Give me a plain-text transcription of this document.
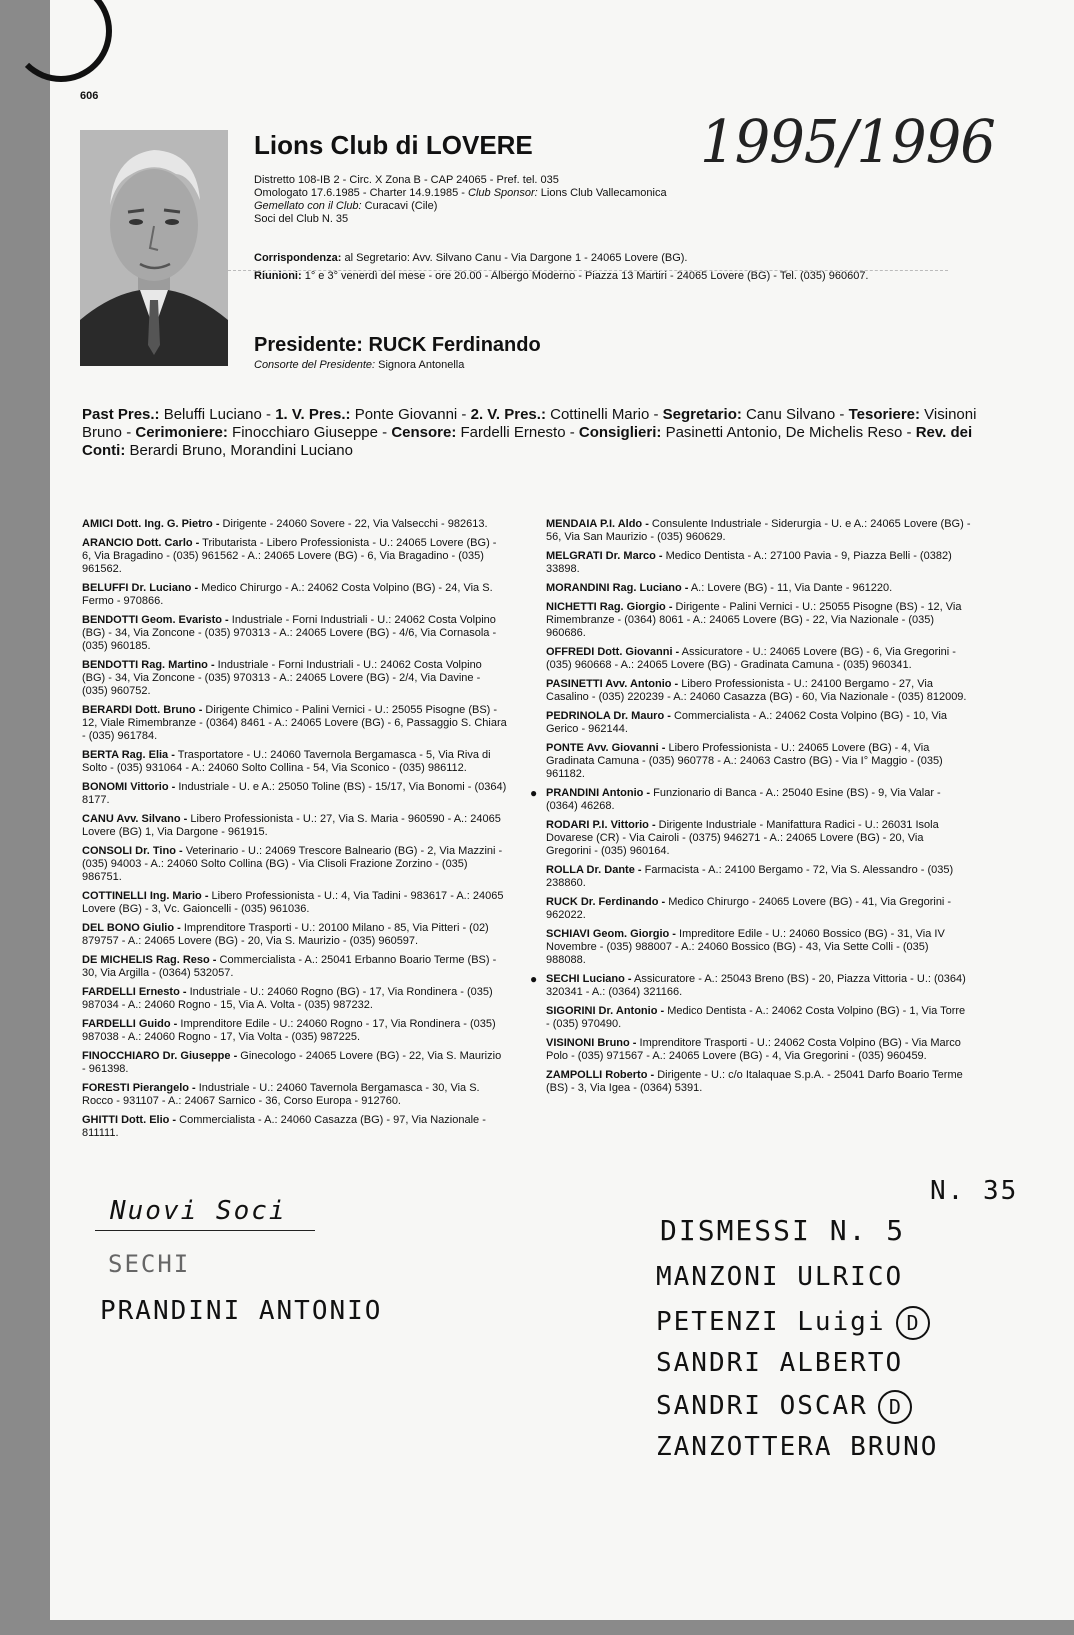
606
Lions Club di LOVERE	1995/1996
Distretto 108-IB 2 - Circ. X Zona B - CAP 24065 - Pref. tel. 035
Omologato 17.6.1985 - Charter 14.9.1985 - Club Sponsor: Lions Club Vallecamonica
Gemellato con il Club: Curacavi (Cile)
Soci del Club N. 35
Corrispondenza: al Segretario: Avv. Silvano Canu - Via Dargone 1 - 24065 Lovere (BG).
Riunioni: 1° e 3° venerdì del mese - ore 20.00 - Albergo Moderno - Piazza 13 Martiri - 24065 Lovere (BG) - Tel. (035) 960607.
Presidente: RUCK Ferdinando
Consorte del Presidente: Signora Antonella
Past Pres.: Beluffi Luciano - 1. V. Pres.: Ponte Giovanni - 2. V. Pres.: Cottinelli Mario - Segretario: Canu Silvano - Tesoriere: Visinoni Bruno - Cerimoniere: Finocchiaro Giuseppe - Censore: Fardelli Ernesto - Consiglieri: Pasinetti Antonio, De Michelis Reso - Rev. dei Conti: Berardi Bruno, Morandini Luciano

AMICI Dott. Ing. G. Pietro - Dirigente - 24060 Sovere - 22, Via Valsecchi - 982613.

ARANCIO Dott. Carlo - Tributarista - Libero Professionista - U.: 24065 Lovere (BG) - 6, Via Bragadino - (035) 961562 - A.: 24065 Lovere (BG) - 6, Via Bragadino - (035) 961562.

BELUFFI Dr. Luciano - Medico Chirurgo - A.: 24062 Costa Volpino (BG) - 24, Via S. Fermo - 970866.

BENDOTTI Geom. Evaristo - Industriale - Forni Industriali - U.: 24062 Costa Volpino (BG) - 34, Via Zoncone - (035) 970313 - A.: 24065 Lovere (BG) - 4/6, Via Cornasola - (035) 960185.

BENDOTTI Rag. Martino - Industriale - Forni Industriali - U.: 24062 Costa Volpino (BG) - 34, Via Zoncone - (035) 970313 - A.: 24065 Lovere (BG) - 2/4, Via Davine - (035) 960752.

BERARDI Dott. Bruno - Dirigente Chimico - Palini Vernici - U.: 25055 Pisogne (BS) - 12, Viale Rimembranze - (0364) 8461 - A.: 24065 Lovere (BG) - 6, Passaggio S. Chiara - (035) 961784.

BERTA Rag. Elia - Trasportatore - U.: 24060 Tavernola Bergamasca - 5, Via Riva di Solto - (035) 931064 - A.: 24060 Solto Collina - 54, Via Sconico - (035) 986112.

BONOMI Vittorio - Industriale - U. e A.: 25050 Toline (BS) - 15/17, Via Bonomi - (0364) 8177.

CANU Avv. Silvano - Libero Professionista - U.: 27, Via S. Maria - 960590 - A.: 24065 Lovere (BG) 1, Via Dargone - 961915.

CONSOLI Dr. Tino - Veterinario - U.: 24069 Trescore Balneario (BG) - 2, Via Mazzini - (035) 94003 - A.: 24060 Solto Collina (BG) - Via Clisoli Frazione Zorzino - (035) 986751.

COTTINELLI Ing. Mario - Libero Professionista - U.: 4, Via Tadini - 983617 - A.: 24065 Lovere (BG) - 3, Vc. Gaioncelli - (035) 961036.

DEL BONO Giulio - Imprenditore Trasporti - U.: 20100 Milano - 85, Via Pitteri - (02) 879757 - A.: 24065 Lovere (BG) - 20, Via S. Maurizio - (035) 960597.

DE MICHELIS Rag. Reso - Commercialista - A.: 25041 Erbanno Boario Terme (BS) - 30, Via Argilla - (0364) 532057.

FARDELLI Ernesto - Industriale - U.: 24060 Rogno (BG) - 17, Via Rondinera - (035) 987034 - A.: 24060 Rogno - 15, Via A. Volta - (035) 987232.

FARDELLI Guido - Imprenditore Edile - U.: 24060 Rogno - 17, Via Rondinera - (035) 987038 - A.: 24060 Rogno - 17, Via Volta - (035) 987225.

FINOCCHIARO Dr. Giuseppe - Ginecologo - 24065 Lovere (BG) - 22, Via S. Maurizio - 961398.

FORESTI Pierangelo - Industriale - U.: 24060 Tavernola Bergamasca - 30, Via S. Rocco - 931107 - A.: 24067 Sarnico - 36, Corso Europa - 912760.

GHITTI Dott. Elio - Commercialista - A.: 24060 Casazza (BG) - 97, Via Nazionale - 811111.

MENDAIA P.I. Aldo - Consulente Industriale - Siderurgia - U. e A.: 24065 Lovere (BG) - 56, Via San Maurizio - (035) 960629.

MELGRATI Dr. Marco - Medico Dentista - A.: 27100 Pavia - 9, Piazza Belli - (0382) 33898.

MORANDINI Rag. Luciano - A.: Lovere (BG) - 11, Via Dante - 961220.

NICHETTI Rag. Giorgio - Dirigente - Palini Vernici - U.: 25055 Pisogne (BS) - 12, Via Rimembranze - (0364) 8061 - A.: 24065 Lovere (BG) - 22, Via Nazionale - (035) 960686.

OFFREDI Dott. Giovanni - Assicuratore - U.: 24065 Lovere (BG) - 6, Via Gregorini - (035) 960668 - A.: 24065 Lovere (BG) - Gradinata Camuna - (035) 960341.

PASINETTI Avv. Antonio - Libero Professionista - U.: 24100 Bergamo - 27, Via Casalino - (035) 220239 - A.: 24060 Casazza (BG) - 60, Via Nazionale - (035) 812009.

PEDRINOLA Dr. Mauro - Commercialista - A.: 24062 Costa Volpino (BG) - 10, Via Gerico - 962144.

PONTE Avv. Giovanni - Libero Professionista - U.: 24065 Lovere (BG) - 4, Via Gradinata Camuna - (035) 960778 - A.: 24063 Castro (BG) - Via I° Maggio - (035) 961182.

● PRANDINI Antonio - Funzionario di Banca - A.: 25040 Esine (BS) - 9, Via Valar - (0364) 46268.

RODARI P.I. Vittorio - Dirigente Industriale - Manifattura Radici - U.: 26031 Isola Dovarese (CR) - Via Cairoli - (0375) 946271 - A.: 24065 Lovere (BG) - 20, Via Gregorini - (035) 960164.

ROLLA Dr. Dante - Farmacista - A.: 24100 Bergamo - 72, Via S. Alessandro - (035) 238860.

RUCK Dr. Ferdinando - Medico Chirurgo - 24065 Lovere (BG) - 41, Via Gregorini - 962022.

SCHIAVI Geom. Giorgio - Impreditore Edile - U.: 24060 Bossico (BG) - 31, Via IV Novembre - (035) 988007 - A.: 24060 Bossico (BG) - 43, Via Sette Colli - (035) 988088.

● SECHI Luciano - Assicuratore - A.: 25043 Breno (BS) - 20, Piazza Vittoria - U.: (0364) 320341 - A.: (0364) 321166.

SIGORINI Dr. Antonio - Medico Dentista - A.: 24062 Costa Volpino (BG) - 1, Via Torre - (035) 970490.

VISINONI Bruno - Imprenditore Trasporti - U.: 24062 Costa Volpino (BG) - Via Marco Polo - (035) 971567 - A.: 24065 Lovere (BG) - 4, Via Gregorini - (035) 960459.

ZAMPOLLI Roberto - Dirigente - U.: c/o Italaquae S.p.A. - 25041 Darfo Boario Terme (BS) - 3, Via Igea - (0364) 5391.

Nuovi Soci
SECHI
PRANDINI ANTONIO
N. 35
DISMESSI N. 5
MANZONI ULRICO
PETENZI Luigi D
SANDRI ALBERTO
SANDRI OSCAR D
ZANZOTTERA BRUNO
